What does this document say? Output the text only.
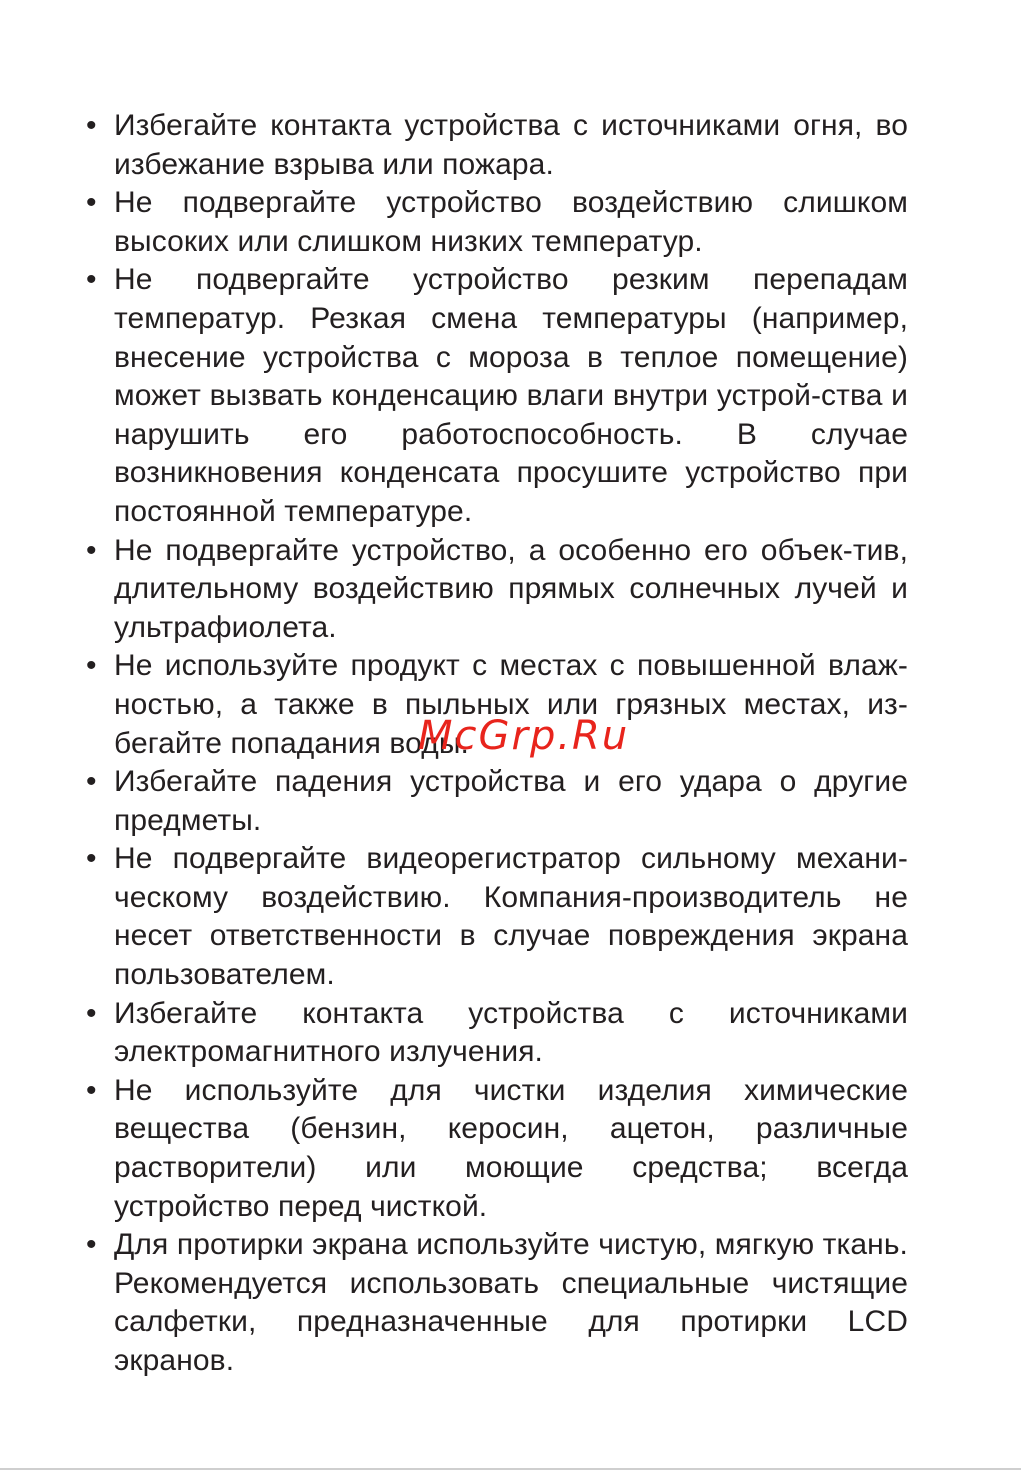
• Избегайте контакта устройства с источниками огня, во избежание взрыва или пожара.
• Не подвергайте устройство воздействию слишком высоких или слишком низких температур.
• Не подвергайте устройство резким перепадам температур. Резкая смена температуры (например, внесение устройства с мороза в теплое помещение) может вызвать конденсацию влаги внутри устрой-ства и нарушить его работоспособность. В случае возникновения конденсата просушите устройство при постоянной температуре.
• Не подвергайте устройство, а особенно его объек-тив, длительному воздействию прямых солнечных лучей и ультрафиолета.
• Не используйте продукт с местах с повышенной влаж-ностью, а также в пыльных или грязных местах, из-бегайте попадания воды.
• Избегайте падения устройства и его удара о другие предметы.
• Не подвергайте видеорегистратор сильному механи-ческому воздействию. Компания-производитель не несет ответственности в случае повреждения экрана пользователем.
• Избегайте контакта устройства с источниками электромагнитного излучения.
• Не используйте для чистки изделия химические вещества (бензин, керосин, ацетон, различные растворители) или моющие средства; всегда устройство перед чисткой.
• Для протирки экрана используйте чистую, мягкую ткань. Рекомендуется использовать специальные чистящие салфетки, предназначенные для протирки LCD экранов.
McGrp.Ru
